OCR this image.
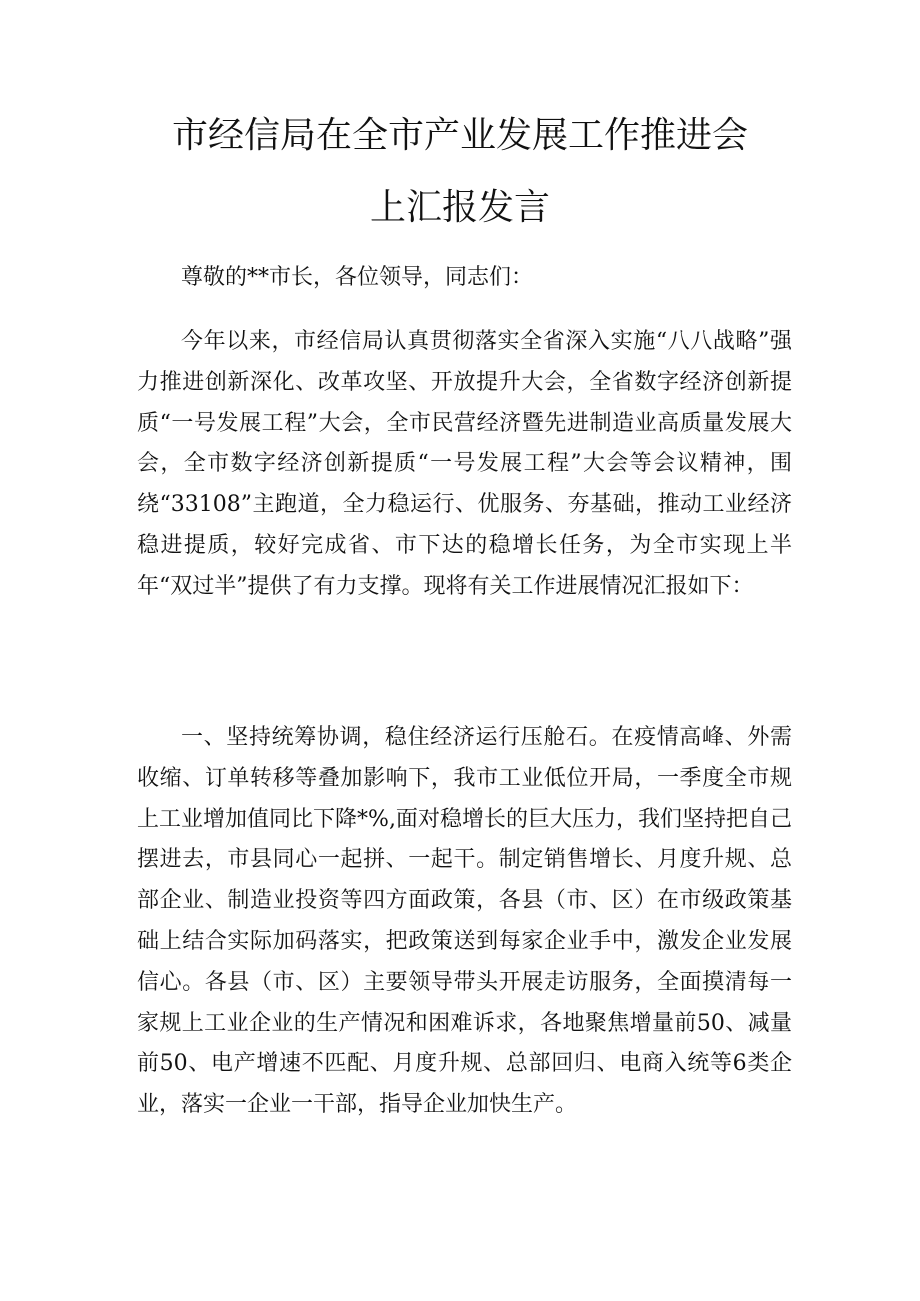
市经信局在全市产业发展工作推进会
上汇报发言

尊敬的**市长，各位领导，同志们：

今年以来，市经信局认真贯彻落实全省深入实施“八八战略”强力推进创新深化、改革攻坚、开放提升大会，全省数字经济创新提质“一号发展工程”大会，全市民营经济暨先进制造业高质量发展大会，全市数字经济创新提质“一号发展工程”大会等会议精神，围绕“33108”主跑道，全力稳运行、优服务、夯基础，推动工业经济稳进提质，较好完成省、市下达的稳增长任务，为全市实现上半年“双过半”提供了有力支撑。现将有关工作进展情况汇报如下：

一、坚持统筹协调，稳住经济运行压舱石。在疫情高峰、外需收缩、订单转移等叠加影响下，我市工业低位开局，一季度全市规上工业增加值同比下降*%,面对稳增长的巨大压力，我们坚持把自己摆进去，市县同心一起拼、一起干。制定销售增长、月度升规、总部企业、制造业投资等四方面政策，各县（市、区）在市级政策基础上结合实际加码落实，把政策送到每家企业手中，激发企业发展信心。各县（市、区）主要领导带头开展走访服务，全面摸清每一家规上工业企业的生产情况和困难诉求，各地聚焦增量前50、减量前50、电产增速不匹配、月度升规、总部回归、电商入统等6类企业，落实一企业一干部，指导企业加快生产。
